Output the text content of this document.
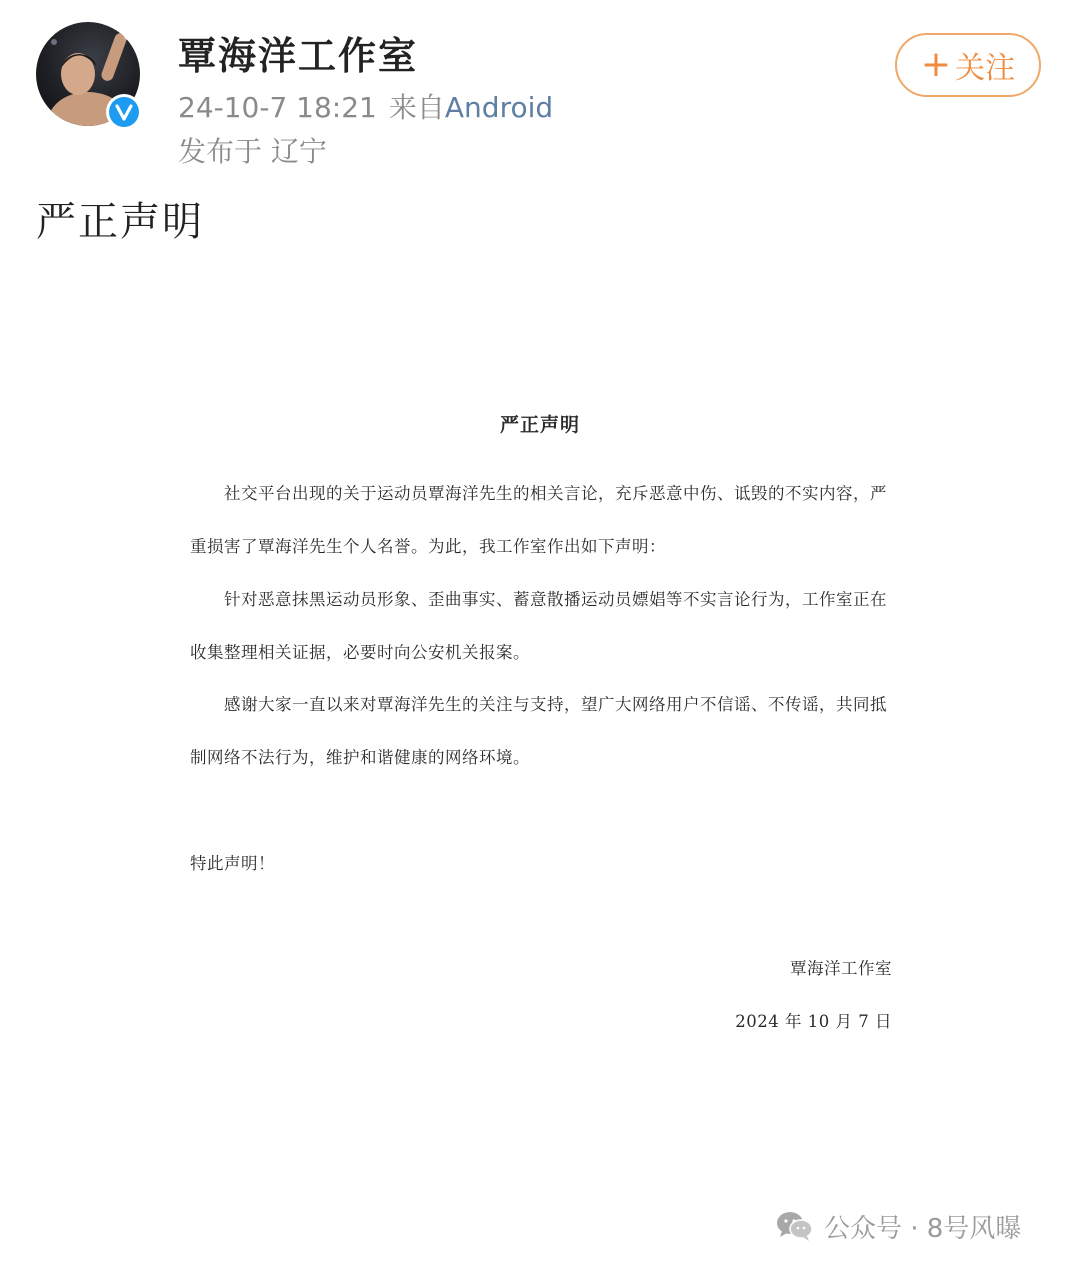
覃海洋工作室
24-10-7 18:21 来自Android
发布于 辽宁
+ 关注
严正声明
严正声明
社交平台出现的关于运动员覃海洋先生的相关言论，充斥恶意中伤、诋毁的不实内容，严重损害了覃海洋先生个人名誉。为此，我工作室作出如下声明：
针对恶意抹黑运动员形象、歪曲事实、蓄意散播运动员嫖娼等不实言论行为，工作室正在收集整理相关证据，必要时向公安机关报案。
感谢大家一直以来对覃海洋先生的关注与支持，望广大网络用户不信谣、不传谣，共同抵制网络不法行为，维护和谐健康的网络环境。
特此声明！
覃海洋工作室
2024 年 10 月 7 日
公众号 · 8号风曝
